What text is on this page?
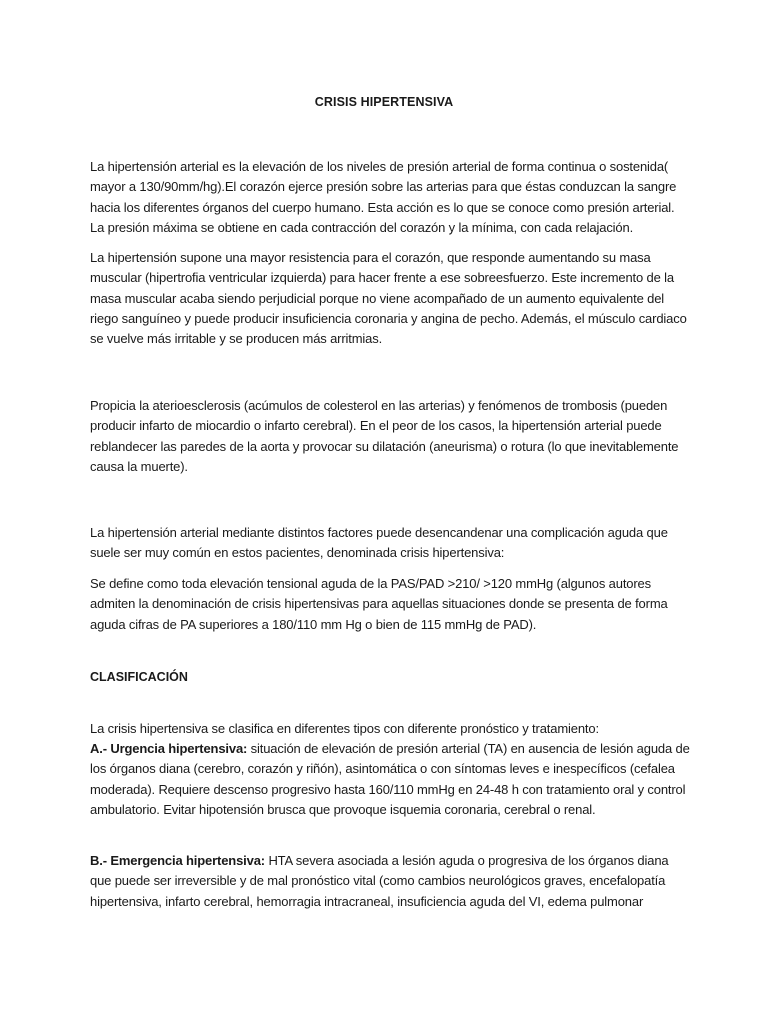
CRISIS HIPERTENSIVA

La hipertensión arterial es la elevación de los niveles de presión arterial de forma continua o sostenida( mayor a 130/90mm/hg).El corazón ejerce presión sobre las arterias para que éstas conduzcan la sangre hacia los diferentes órganos del cuerpo humano. Esta acción es lo que se conoce como presión arterial. La presión máxima se obtiene en cada contracción del corazón y la mínima, con cada relajación.

La hipertensión supone una mayor resistencia para el corazón, que responde aumentando su masa muscular (hipertrofia ventricular izquierda) para hacer frente a ese sobreesfuerzo. Este incremento de la masa muscular acaba siendo perjudicial porque no viene acompañado de un aumento equivalente del riego sanguíneo y puede producir insuficiencia coronaria y angina de pecho. Además, el músculo cardiaco se vuelve más irritable y se producen más arritmias.

Propicia la aterioesclerosis (acúmulos de colesterol en las arterias) y fenómenos de trombosis (pueden producir infarto de miocardio o infarto cerebral). En el peor de los casos, la hipertensión arterial puede reblandecer las paredes de la aorta y provocar su dilatación (aneurisma) o rotura (lo que inevitablemente causa la muerte).

La hipertensión arterial mediante distintos factores puede desencandenar una complicación aguda que suele ser muy común en estos pacientes, denominada crisis hipertensiva:

Se define como toda elevación tensional aguda de la PAS/PAD >210/ >120 mmHg (algunos autores admiten la denominación de crisis hipertensivas para aquellas situaciones donde se presenta de forma aguda cifras de PA superiores a 180/110 mm Hg o bien de 115 mmHg de PAD).

CLASIFICACIÓN

La crisis hipertensiva se clasifica en diferentes tipos con diferente pronóstico y tratamiento:

A.- Urgencia hipertensiva: situación de elevación de presión arterial (TA) en ausencia de lesión aguda de los órganos diana (cerebro, corazón y riñón), asintomática o con síntomas leves e inespecíficos (cefalea moderada). Requiere descenso progresivo hasta 160/110 mmHg en 24-48 h con tratamiento oral y control ambulatorio. Evitar hipotensión brusca que provoque isquemia coronaria, cerebral o renal.

B.- Emergencia hipertensiva: HTA severa asociada a lesión aguda o progresiva de los órganos diana que puede ser irreversible y de mal pronóstico vital (como cambios neurológicos graves, encefalopatía hipertensiva, infarto cerebral, hemorragia intracraneal, insuficiencia aguda del VI, edema pulmonar
